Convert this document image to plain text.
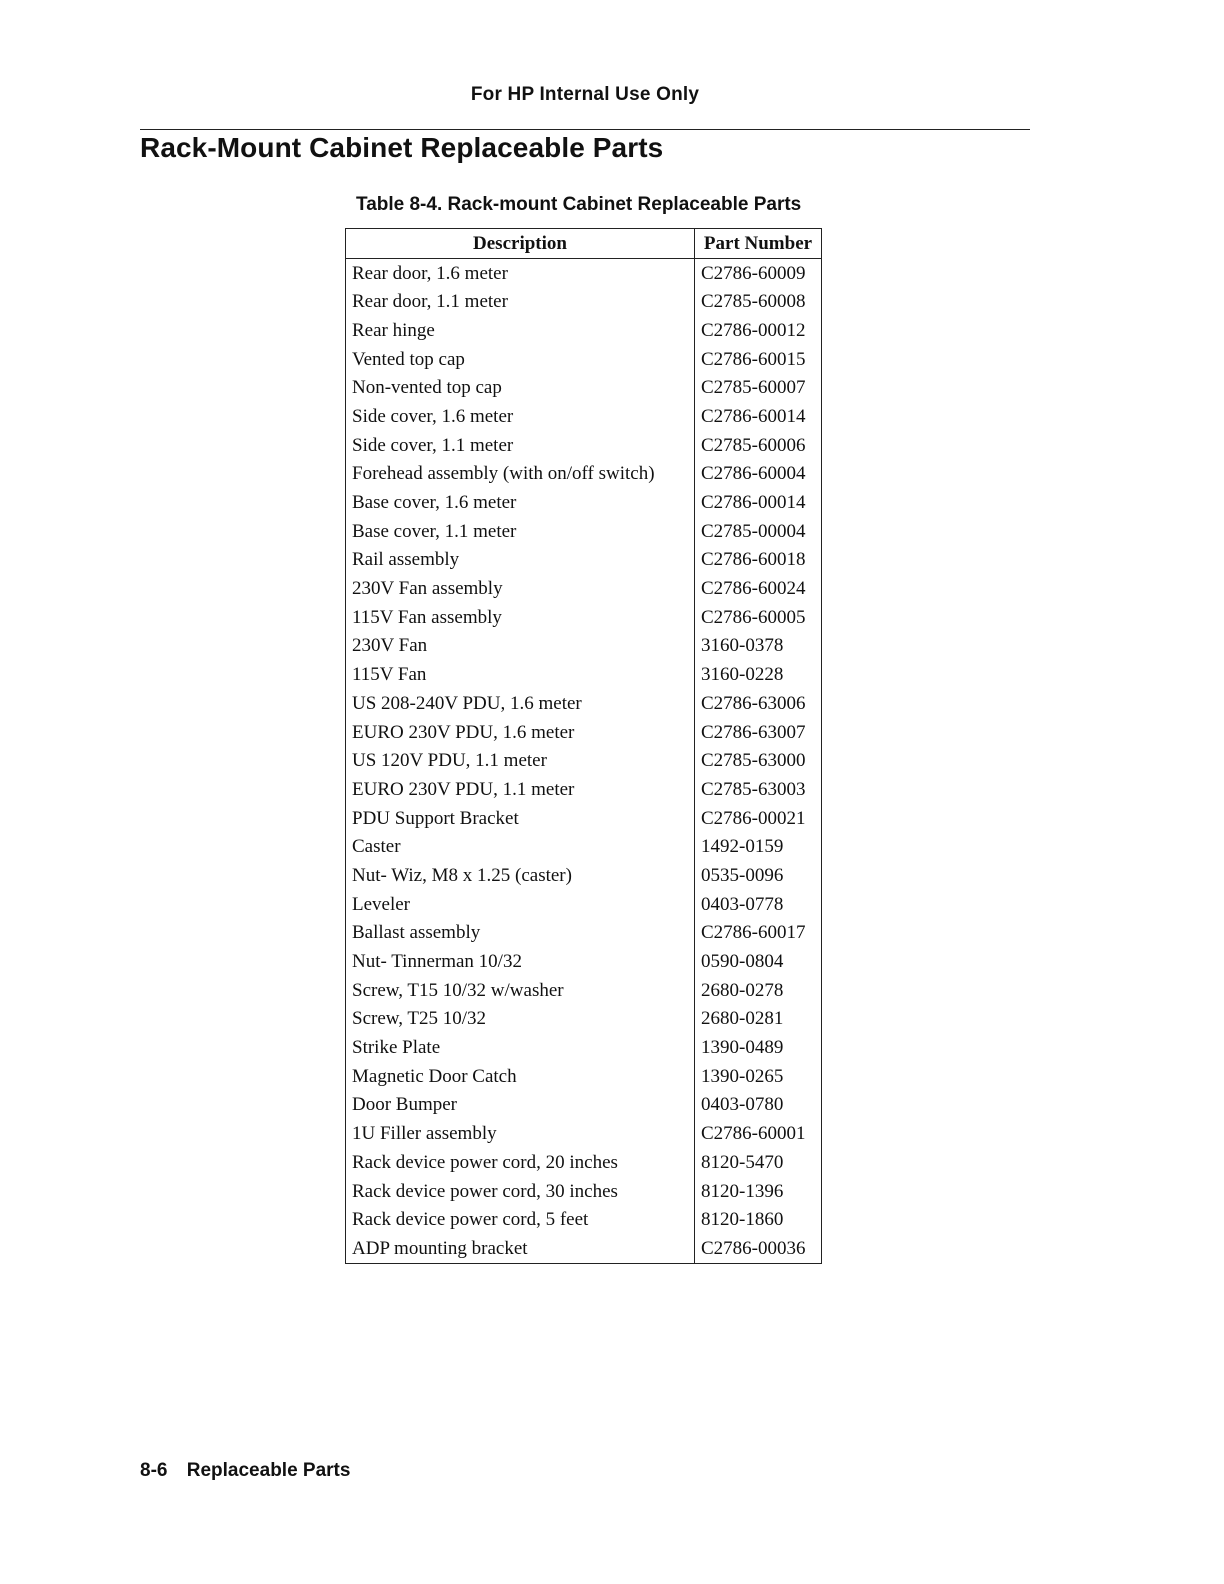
For HP Internal Use Only
Rack-Mount Cabinet Replaceable Parts
Table 8-4. Rack-mount Cabinet Replaceable Parts
Description	Part Number
Rear door, 1.6 meter	C2786-60009
Rear door, 1.1 meter	C2785-60008
Rear hinge	C2786-00012
Vented top cap	C2786-60015
Non-vented top cap	C2785-60007
Side cover, 1.6 meter	C2786-60014
Side cover, 1.1 meter	C2785-60006
Forehead assembly (with on/off switch)	C2786-60004
Base cover, 1.6 meter	C2786-00014
Base cover, 1.1 meter	C2785-00004
Rail assembly	C2786-60018
230V Fan assembly	C2786-60024
115V Fan assembly	C2786-60005
230V Fan	3160-0378
115V Fan	3160-0228
US 208-240V PDU, 1.6 meter	C2786-63006
EURO 230V PDU, 1.6 meter	C2786-63007
US 120V PDU, 1.1 meter	C2785-63000
EURO 230V PDU, 1.1 meter	C2785-63003
PDU Support Bracket	C2786-00021
Caster	1492-0159
Nut- Wiz, M8 x 1.25 (caster)	0535-0096
Leveler	0403-0778
Ballast assembly	C2786-60017
Nut- Tinnerman 10/32	0590-0804
Screw, T15 10/32 w/washer	2680-0278
Screw, T25 10/32	2680-0281
Strike Plate	1390-0489
Magnetic Door Catch	1390-0265
Door Bumper	0403-0780
1U Filler assembly	C2786-60001
Rack device power cord, 20 inches	8120-5470
Rack device power cord, 30 inches	8120-1396
Rack device power cord, 5 feet	8120-1860
ADP mounting bracket	C2786-00036
8-6 Replaceable Parts
